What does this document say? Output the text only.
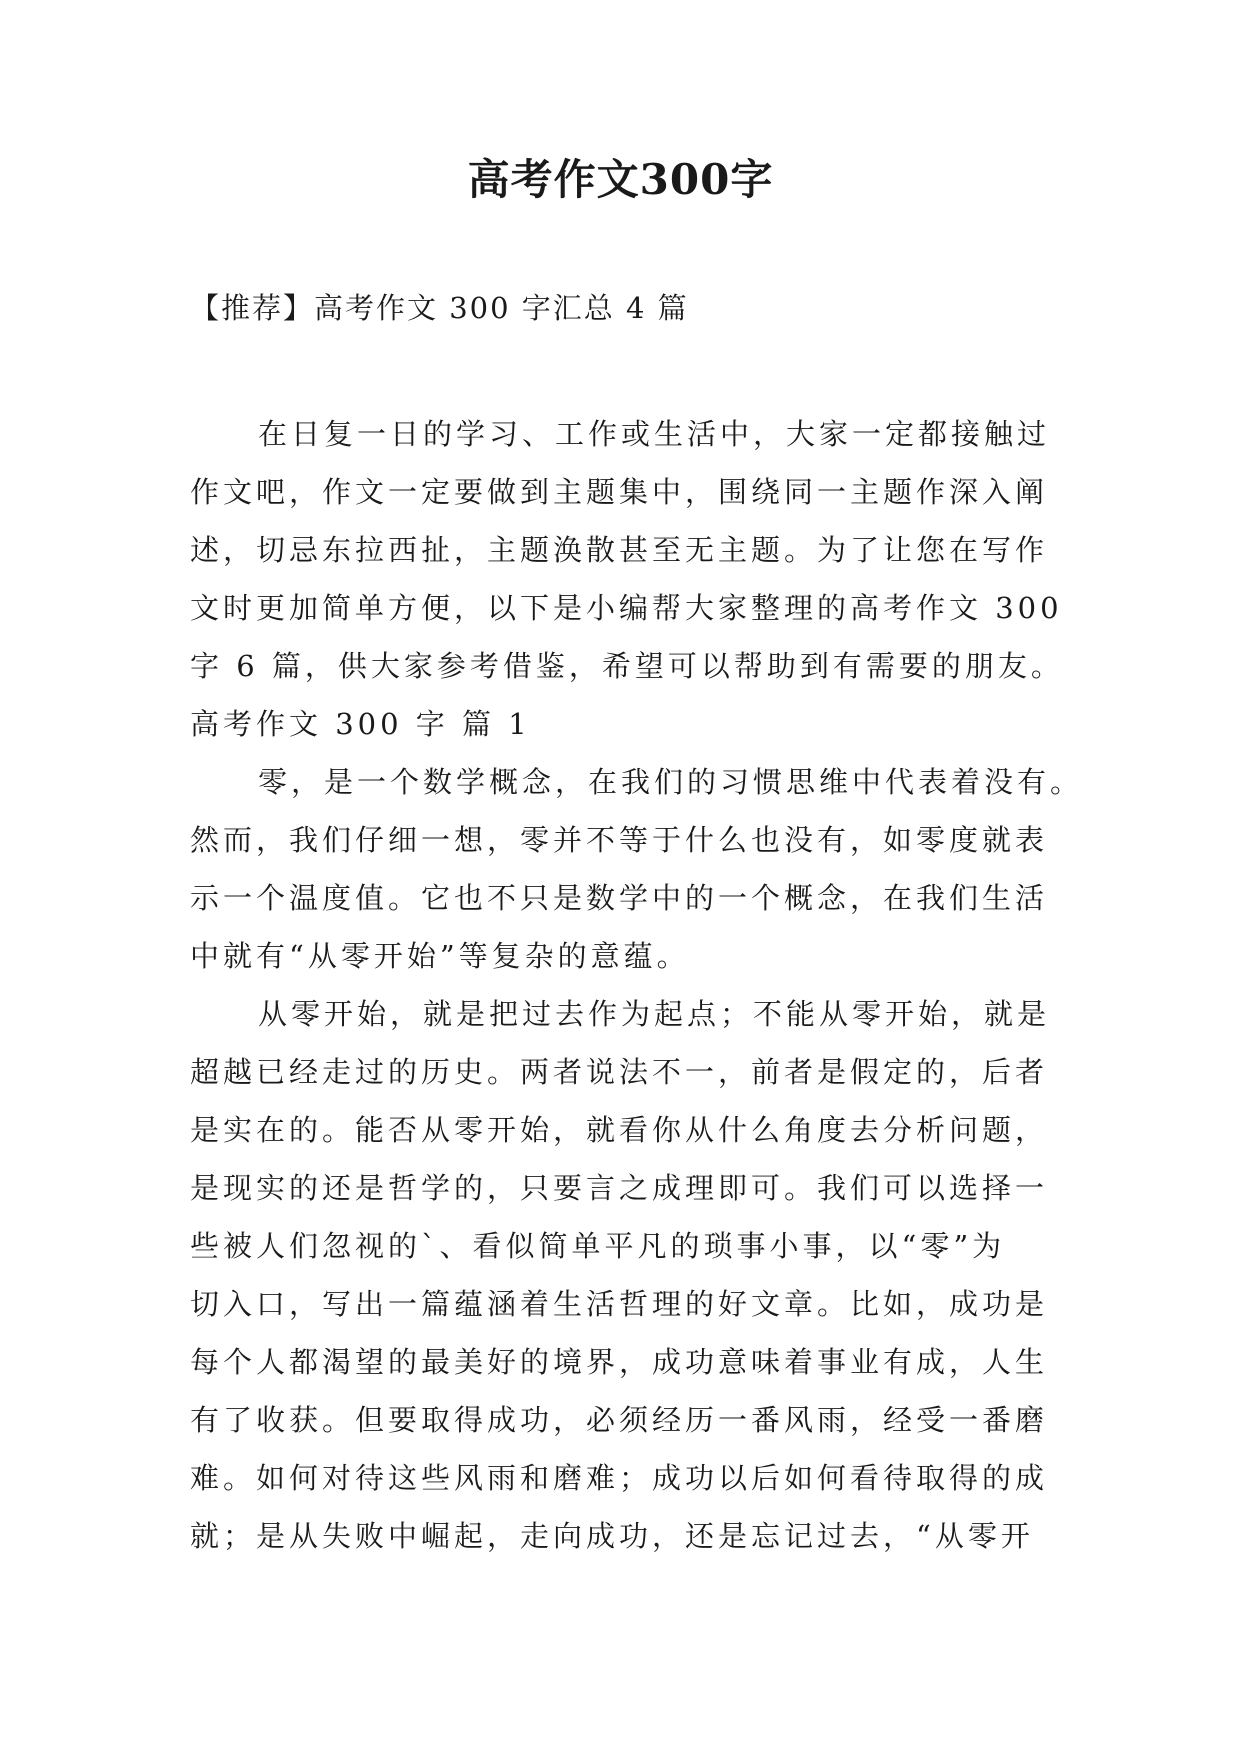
高考作文300字
【推荐】高考作文 300 字汇总 4 篇
在日复一日的学习、工作或生活中，大家一定都接触过
作文吧，作文一定要做到主题集中，围绕同一主题作深入阐
述，切忌东拉西扯，主题涣散甚至无主题。为了让您在写作
文时更加简单方便，以下是小编帮大家整理的高考作文 300
字 6 篇，供大家参考借鉴，希望可以帮助到有需要的朋友。
高考作文 300 字 篇 1
零，是一个数学概念，在我们的习惯思维中代表着没有。
然而，我们仔细一想，零并不等于什么也没有，如零度就表
示一个温度值。它也不只是数学中的一个概念，在我们生活
中就有“从零开始”等复杂的意蕴。
从零开始，就是把过去作为起点；不能从零开始，就是
超越已经走过的历史。两者说法不一，前者是假定的，后者
是实在的。能否从零开始，就看你从什么角度去分析问题，
是现实的还是哲学的，只要言之成理即可。我们可以选择一
些被人们忽视的`、看似简单平凡的琐事小事，以“零”为
切入口，写出一篇蕴涵着生活哲理的好文章。比如，成功是
每个人都渴望的最美好的境界，成功意味着事业有成，人生
有了收获。但要取得成功，必须经历一番风雨，经受一番磨
难。如何对待这些风雨和磨难；成功以后如何看待取得的成
就；是从失败中崛起，走向成功，还是忘记过去，“从零开
